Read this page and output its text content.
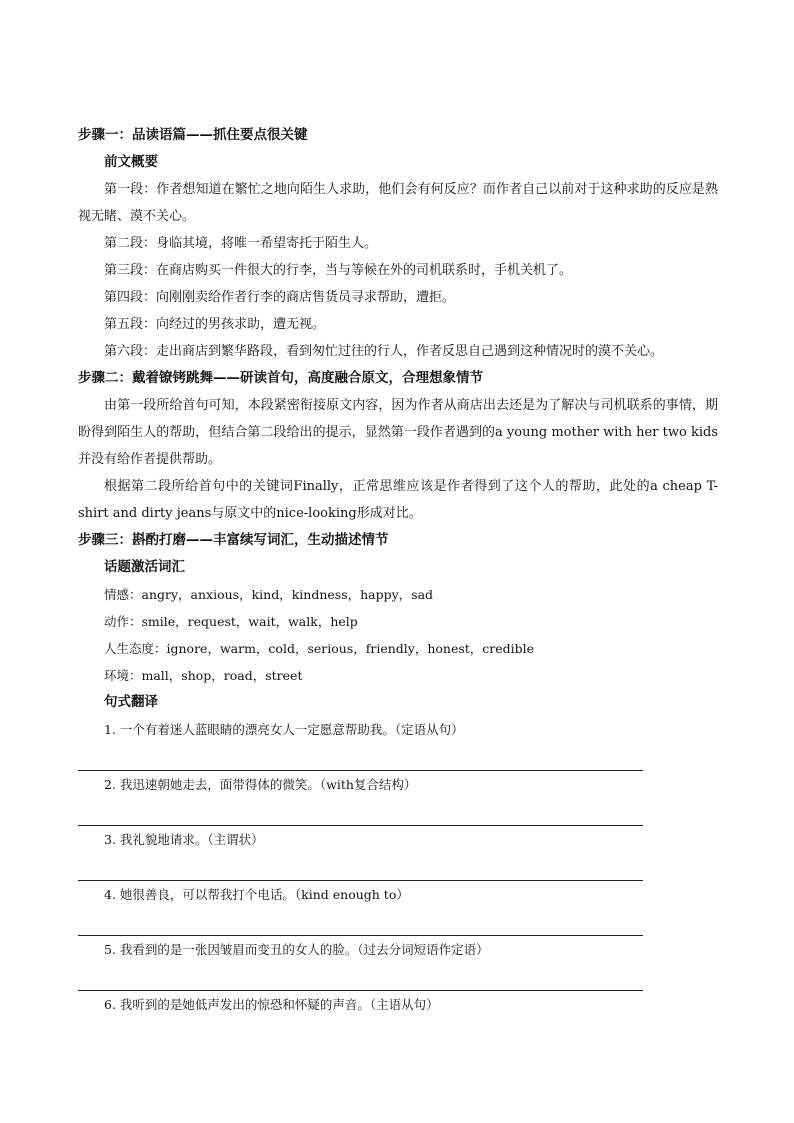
步骤一：品读语篇——抓住要点很关键

前文概要

第一段：作者想知道在繁忙之地向陌生人求助，他们会有何反应？而作者自己以前对于这种求助的反应是熟视无睹、漠不关心。

第二段：身临其境，将唯一希望寄托于陌生人。

第三段：在商店购买一件很大的行李，当与等候在外的司机联系时，手机关机了。

第四段：向刚刚卖给作者行李的商店售货员寻求帮助，遭拒。

第五段：向经过的男孩求助，遭无视。

第六段：走出商店到繁华路段，看到匆忙过往的行人，作者反思自己遇到这种情况时的漠不关心。

步骤二：戴着镣铐跳舞——研读首句，高度融合原文，合理想象情节

由第一段所给首句可知，本段紧密衔接原文内容，因为作者从商店出去还是为了解决与司机联系的事情，期盼得到陌生人的帮助，但结合第二段给出的提示，显然第一段作者遇到的a young mother with her two kids并没有给作者提供帮助。

根据第二段所给首句中的关键词Finally，正常思维应该是作者得到了这个人的帮助，此处的a cheap T-shirt and dirty jeans与原文中的nice-looking形成对比。

步骤三：斟酌打磨——丰富续写词汇，生动描述情节

话题激活词汇

情感：angry，anxious，kind，kindness，happy，sad

动作：smile，request，wait，walk，help

人生态度：ignore，warm，cold，serious，friendly，honest，credible

环境：mall，shop，road，street

句式翻译

1. 一个有着迷人蓝眼睛的漂亮女人一定愿意帮助我。（定语从句）

2. 我迅速朝她走去，面带得体的微笑。（with复合结构）

3. 我礼貌地请求。（主谓状）

4. 她很善良，可以帮我打个电话。（kind enough to）

5. 我看到的是一张因皱眉而变丑的女人的脸。（过去分词短语作定语）

6. 我听到的是她低声发出的惊恐和怀疑的声音。（主语从句）
